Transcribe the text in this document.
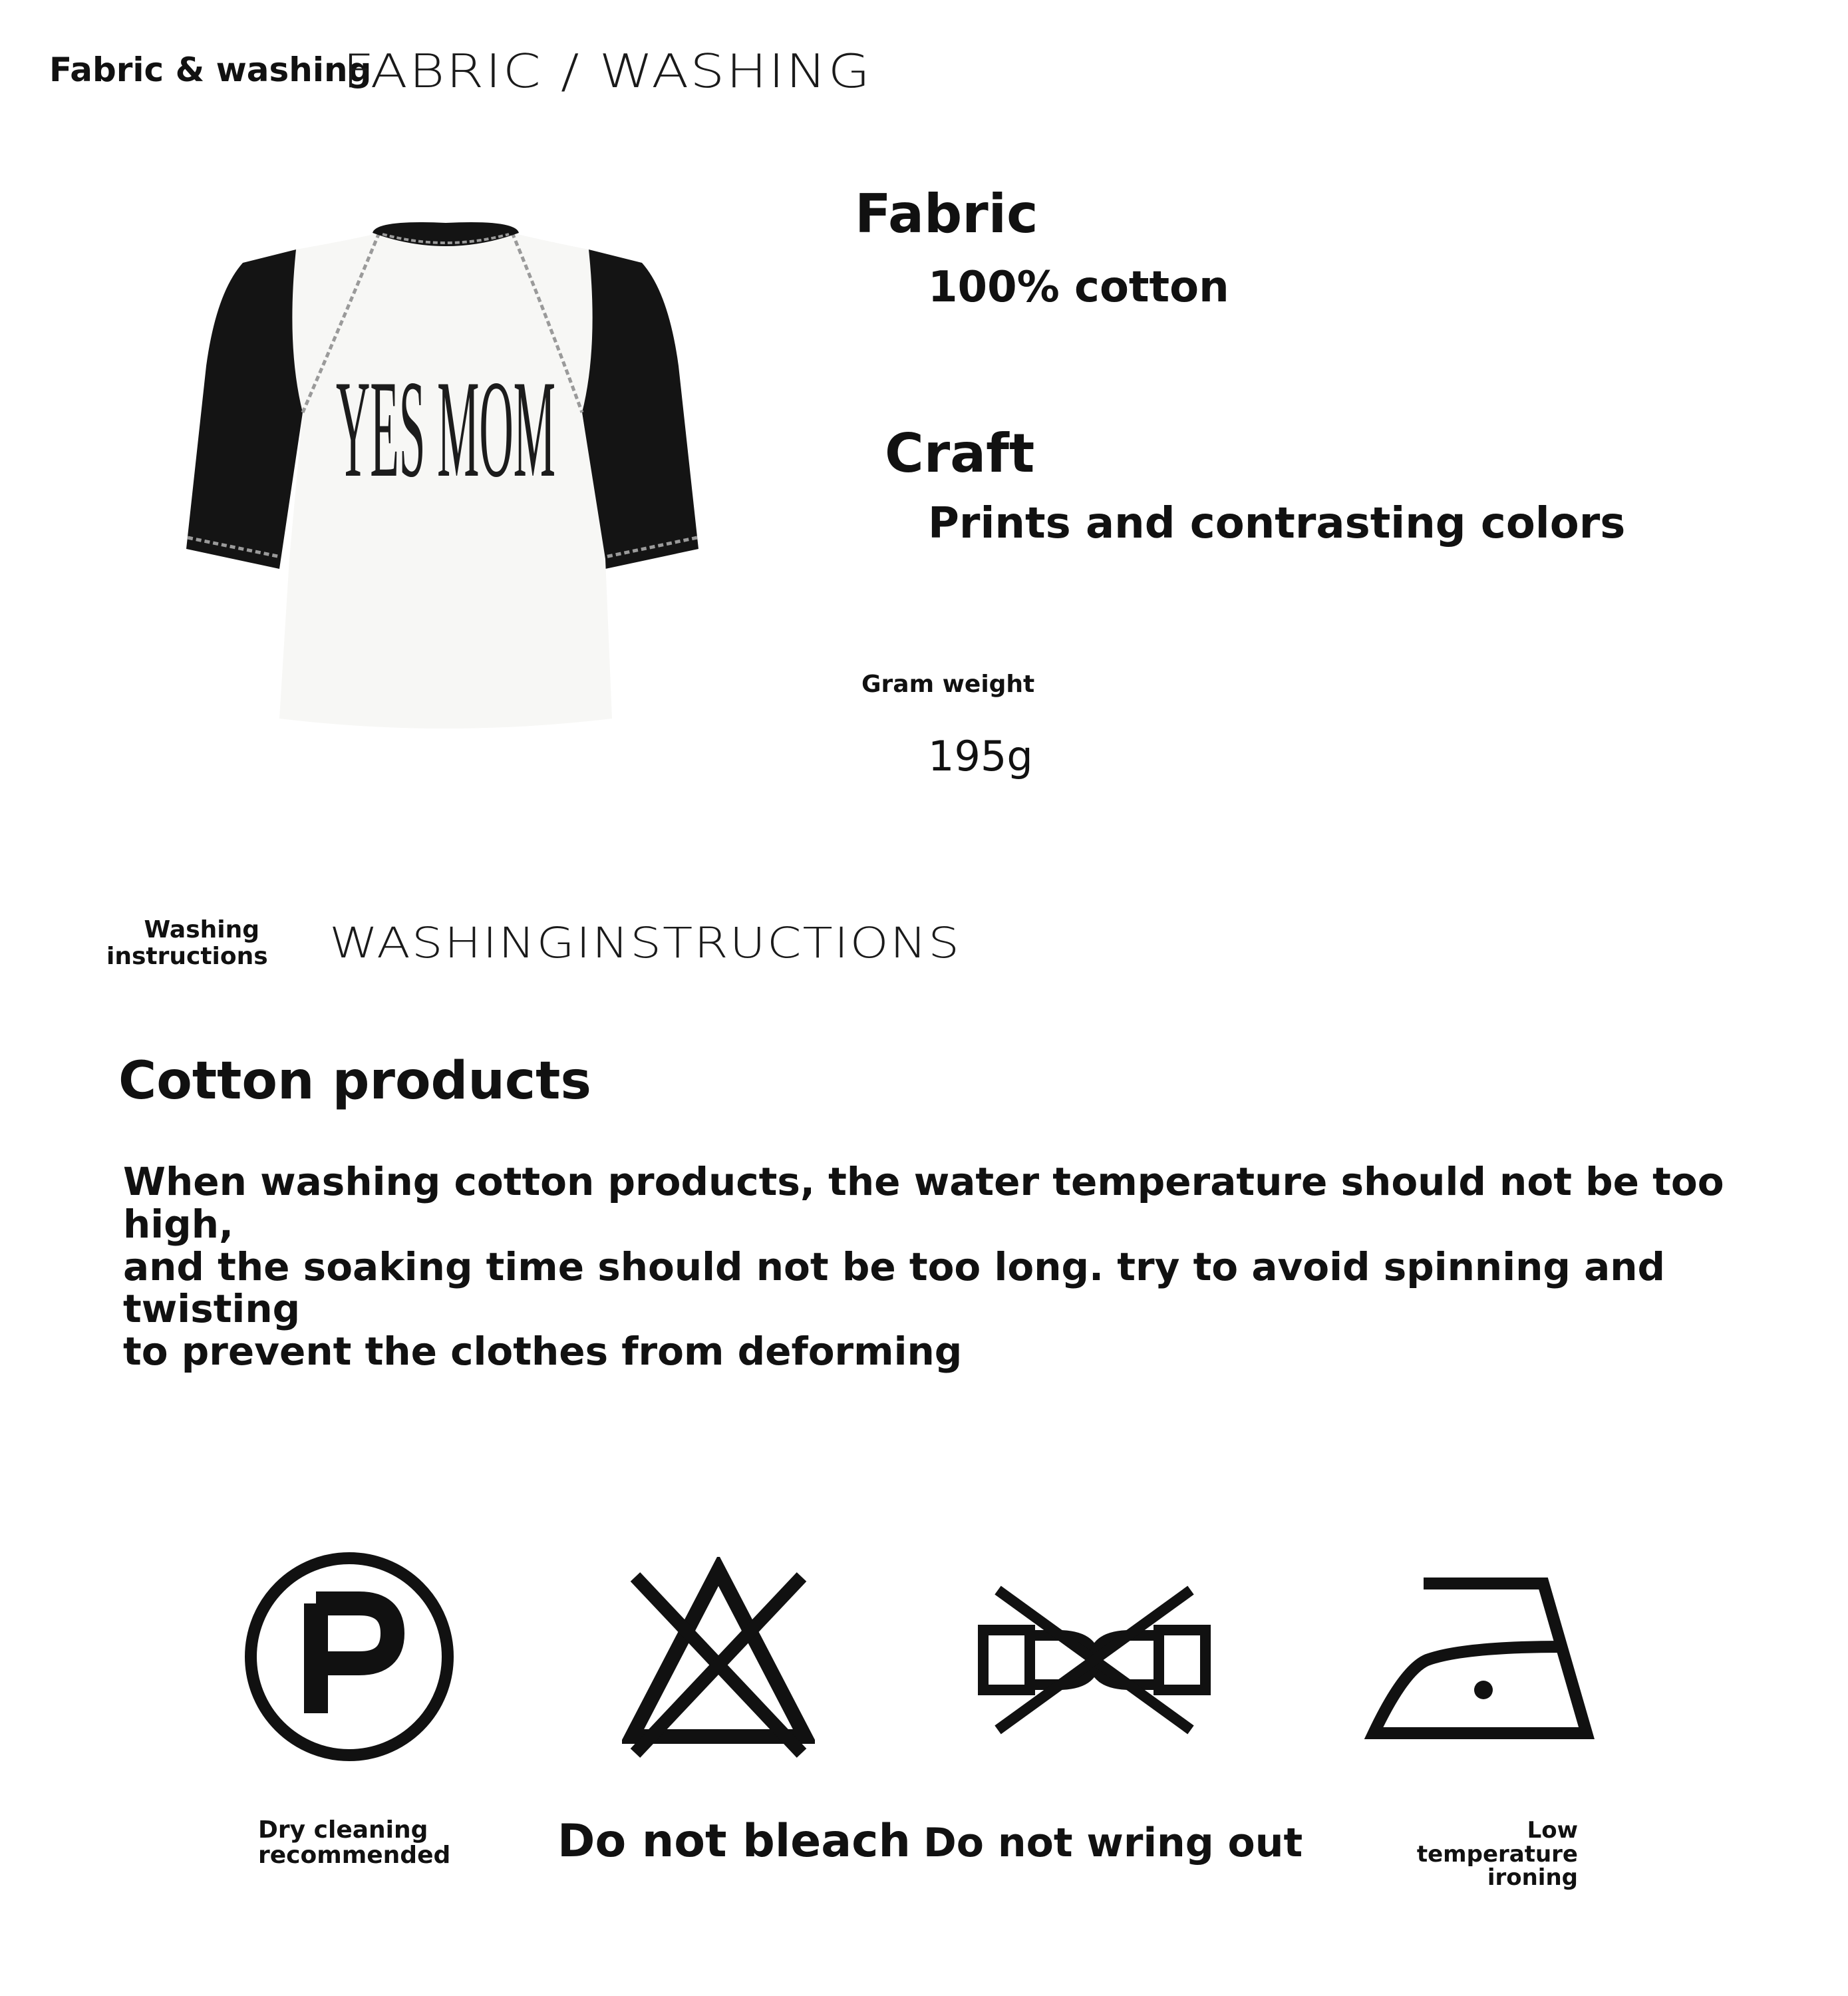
Fabric & washing
FABRIC / WASHING
YES MOM
Fabric
100% cotton
Craft
Prints and contrasting colors
Gram weight
195g
Washing
instructions WASHINGINSTRUCTIONS
Cotton products
When washing cotton products, the water temperature should not be too high,
and the soaking time should not be too long. try to avoid spinning and twisting
to prevent the clothes from deforming
Dry cleaning
recommended Do not bleach Do not wring out	Low temperature
ironing
